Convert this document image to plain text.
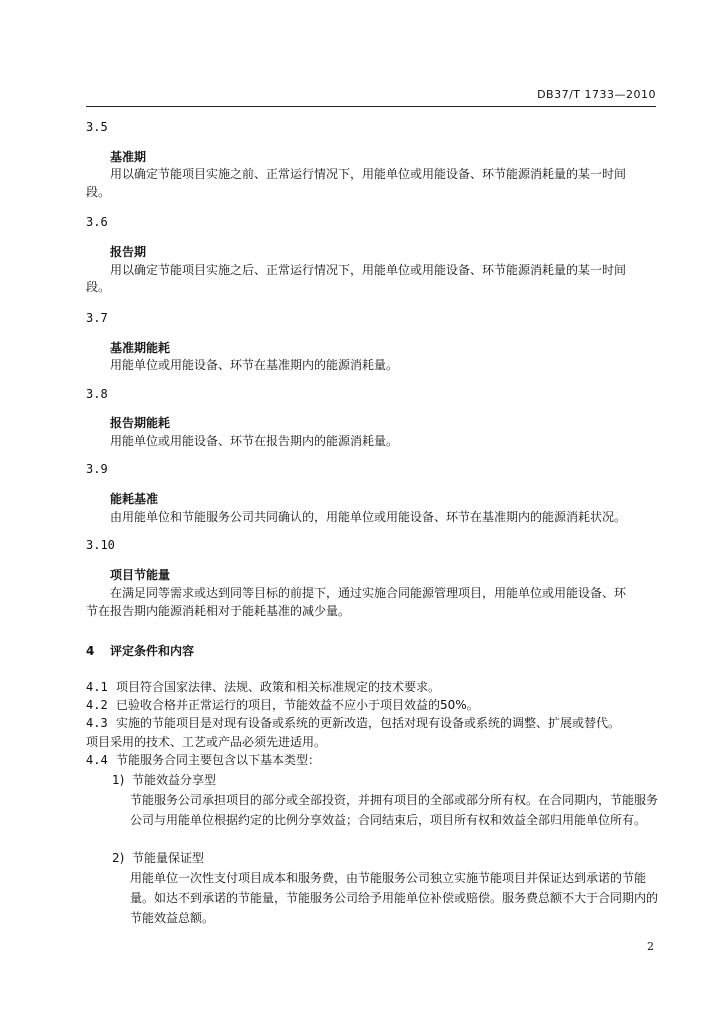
DB37/T 1733—2010
3.5
基准期
用以确定节能项目实施之前、正常运行情况下，用能单位或用能设备、环节能源消耗量的某一时间
段。
3.6
报告期
用以确定节能项目实施之后、正常运行情况下，用能单位或用能设备、环节能源消耗量的某一时间
段。
3.7
基准期能耗
用能单位或用能设备、环节在基准期内的能源消耗量。
3.8
报告期能耗
用能单位或用能设备、环节在报告期内的能源消耗量。
3.9
能耗基准
由用能单位和节能服务公司共同确认的，用能单位或用能设备、环节在基准期内的能源消耗状况。
3.10
项目节能量
在满足同等需求或达到同等目标的前提下，通过实施合同能源管理项目，用能单位或用能设备、环
节在报告期内能源消耗相对于能耗基准的减少量。
4 评定条件和内容
4.1 项目符合国家法律、法规、政策和相关标准规定的技术要求。
4.2 已验收合格并正常运行的项目，节能效益不应小于项目效益的50%。
4.3 实施的节能项目是对现有设备或系统的更新改造，包括对现有设备或系统的调整、扩展或替代。
项目采用的技术、工艺或产品必须先进适用。
4.4 节能服务合同主要包含以下基本类型：
1) 节能效益分享型
节能服务公司承担项目的部分或全部投资，并拥有项目的全部或部分所有权。在合同期内，节能服务公司与用能单位根据约定的比例分享效益；合同结束后，项目所有权和效益全部归用能单位所有。
2) 节能量保证型
用能单位一次性支付项目成本和服务费，由节能服务公司独立实施节能项目并保证达到承诺的节能量。如达不到承诺的节能量，节能服务公司给予用能单位补偿或赔偿。服务费总额不大于合同期内的节能效益总额。
2
